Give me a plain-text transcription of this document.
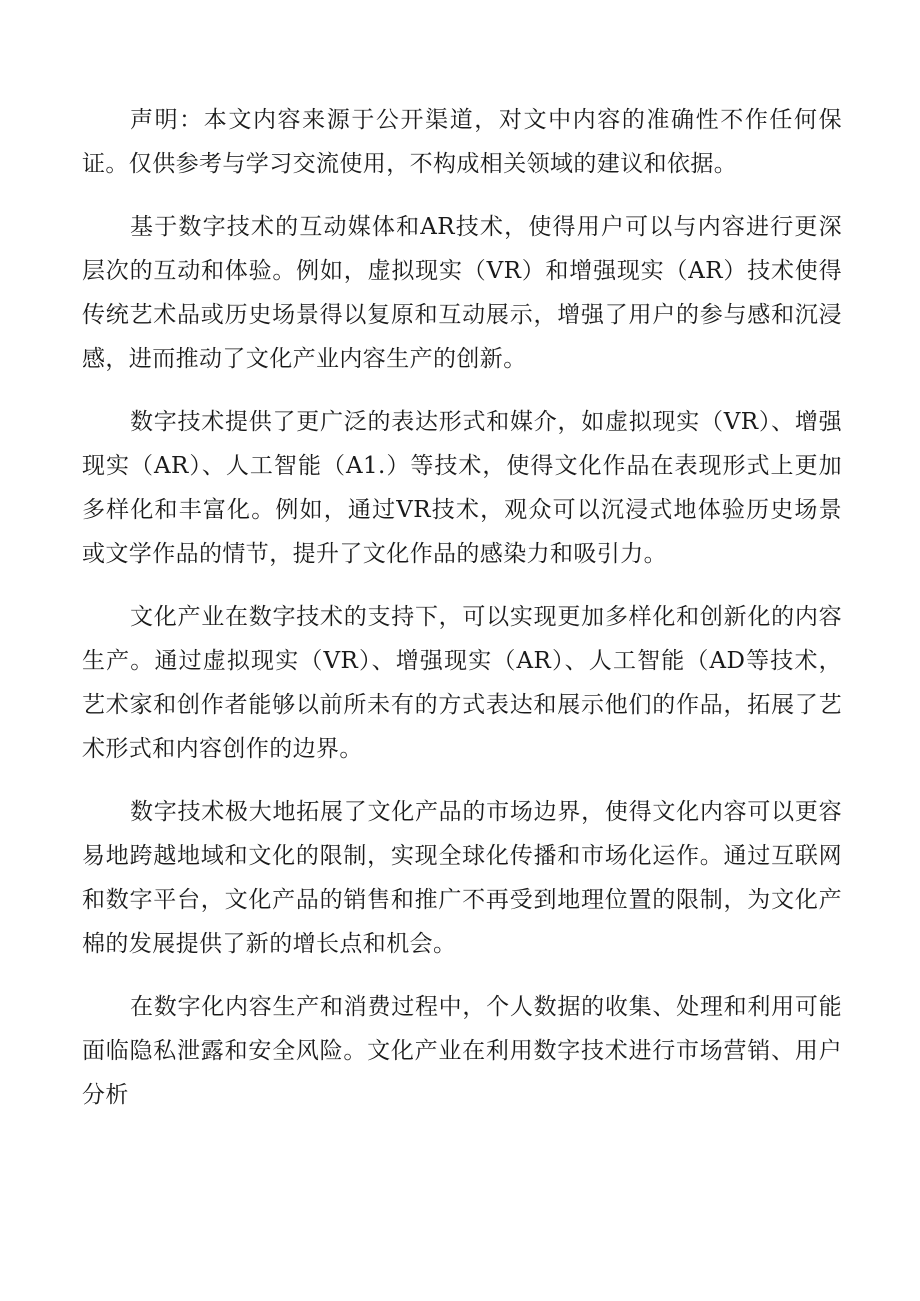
声明：本文内容来源于公开渠道，对文中内容的准确性不作任何保证。仅供参考与学习交流使用，不构成相关领域的建议和依据。

基于数字技术的互动媒体和AR技术，使得用户可以与内容进行更深层次的互动和体验。例如，虚拟现实（VR）和增强现实（AR）技术使得传统艺术品或历史场景得以复原和互动展示，增强了用户的参与感和沉浸感，进而推动了文化产业内容生产的创新。

数字技术提供了更广泛的表达形式和媒介，如虚拟现实（VR）、增强现实（AR）、人工智能（A1.）等技术，使得文化作品在表现形式上更加多样化和丰富化。例如，通过VR技术，观众可以沉浸式地体验历史场景或文学作品的情节，提升了文化作品的感染力和吸引力。

文化产业在数字技术的支持下，可以实现更加多样化和创新化的内容生产。通过虚拟现实（VR）、增强现实（AR）、人工智能（AD等技术，艺术家和创作者能够以前所未有的方式表达和展示他们的作品，拓展了艺术形式和内容创作的边界。

数字技术极大地拓展了文化产品的市场边界，使得文化内容可以更容易地跨越地域和文化的限制，实现全球化传播和市场化运作。通过互联网和数字平台，文化产品的销售和推广不再受到地理位置的限制，为文化产棉的发展提供了新的增长点和机会。

在数字化内容生产和消费过程中，个人数据的收集、处理和利用可能面临隐私泄露和安全风险。文化产业在利用数字技术进行市场营销、用户分析
